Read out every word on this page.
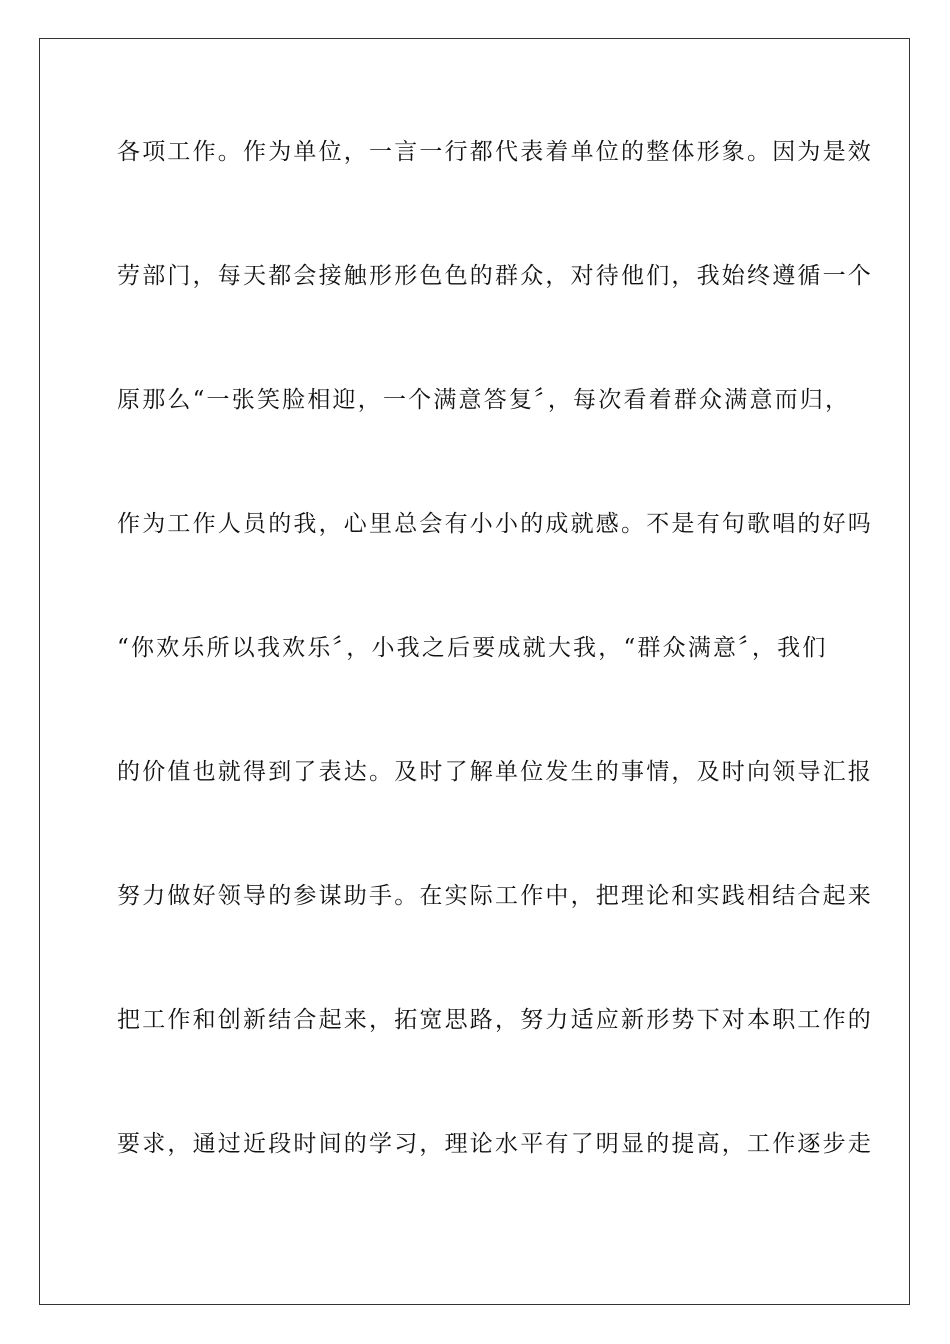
各项工作。作为单位，一言一行都代表着单位的整体形象。因为是效
劳部门，每天都会接触形形色色的群众，对待他们，我始终遵循一个
原那么“一张笑脸相迎，一个满意答复〞，每次看着群众满意而归，
作为工作人员的我，心里总会有小小的成就感。不是有句歌唱的好吗
“你欢乐所以我欢乐〞，小我之后要成就大我，“群众满意〞，我们
的价值也就得到了表达。及时了解单位发生的事情，及时向领导汇报
努力做好领导的参谋助手。在实际工作中，把理论和实践相结合起来
把工作和创新结合起来，拓宽思路，努力适应新形势下对本职工作的
要求，通过近段时间的学习，理论水平有了明显的提高，工作逐步走
